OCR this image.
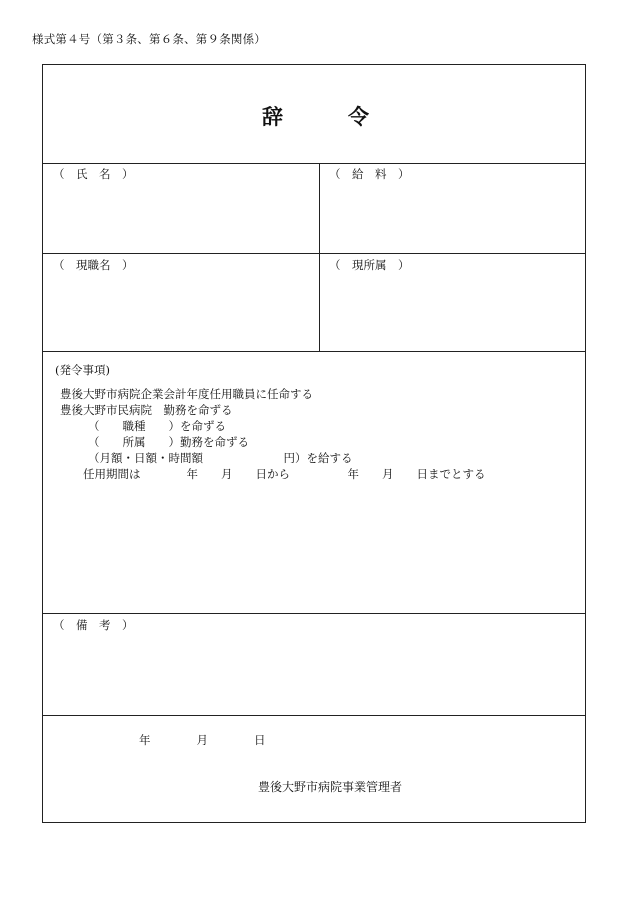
様式第４号（第３条、第６条、第９条関係）
辞	令
（　氏　名　）	（　給　料　）
（　現職名　）	（　現所属　）
(発令事項)
豊後大野市病院企業会計年度任用職員に任命する
豊後大野市民病院　勤務を命ずる
（　　職種　　）を命ずる
（　　所属　　）勤務を命ずる
（月額・日額・時間額　　　　　　　円）を給する
任用期間は　　　　年　　月　　日から　　　　　年　　月　　日までとする
（　備　考　）
年　　　　月　　　　日
豊後大野市病院事業管理者
